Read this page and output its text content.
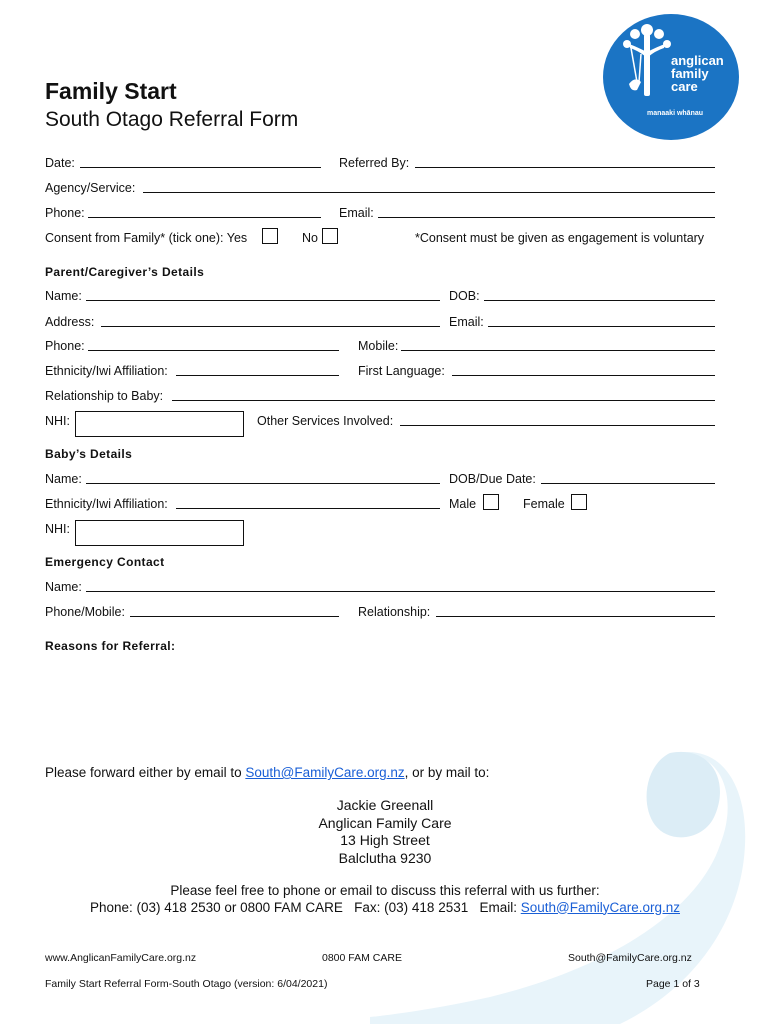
anglican
family
care
manaaki whānau
Family Start
South Otago Referral Form
Date:	Referred By:
Agency/Service:
Phone:	Email:
Consent from Family* (tick one): Yes	No	*Consent must be given as engagement is voluntary
Parent/Caregiver’s Details
Name:	DOB:
Address:	Email:
Phone:	Mobile:
Ethnicity/Iwi Affiliation:	First Language:
Relationship to Baby:
NHI:	Other Services Involved:
Baby’s Details
Name:	DOB/Due Date:
Ethnicity/Iwi Affiliation:	Male	Female
NHI:
Emergency Contact
Name:
Phone/Mobile:	Relationship:
Reasons for Referral:
Please forward either by email to South@FamilyCare.org.nz, or by mail to:
Jackie Greenall
Anglican Family Care
13 High Street
Balclutha 9230
Please feel free to phone or email to discuss this referral with us further:
Phone: (03) 418 2530 or 0800 FAM CARE   Fax: (03) 418 2531   Email: South@FamilyCare.org.nz
www.AnglicanFamilyCare.org.nz	0800 FAM CARE	South@FamilyCare.org.nz
Family Start Referral Form-South Otago (version: 6/04/2021)	Page 1 of 3
